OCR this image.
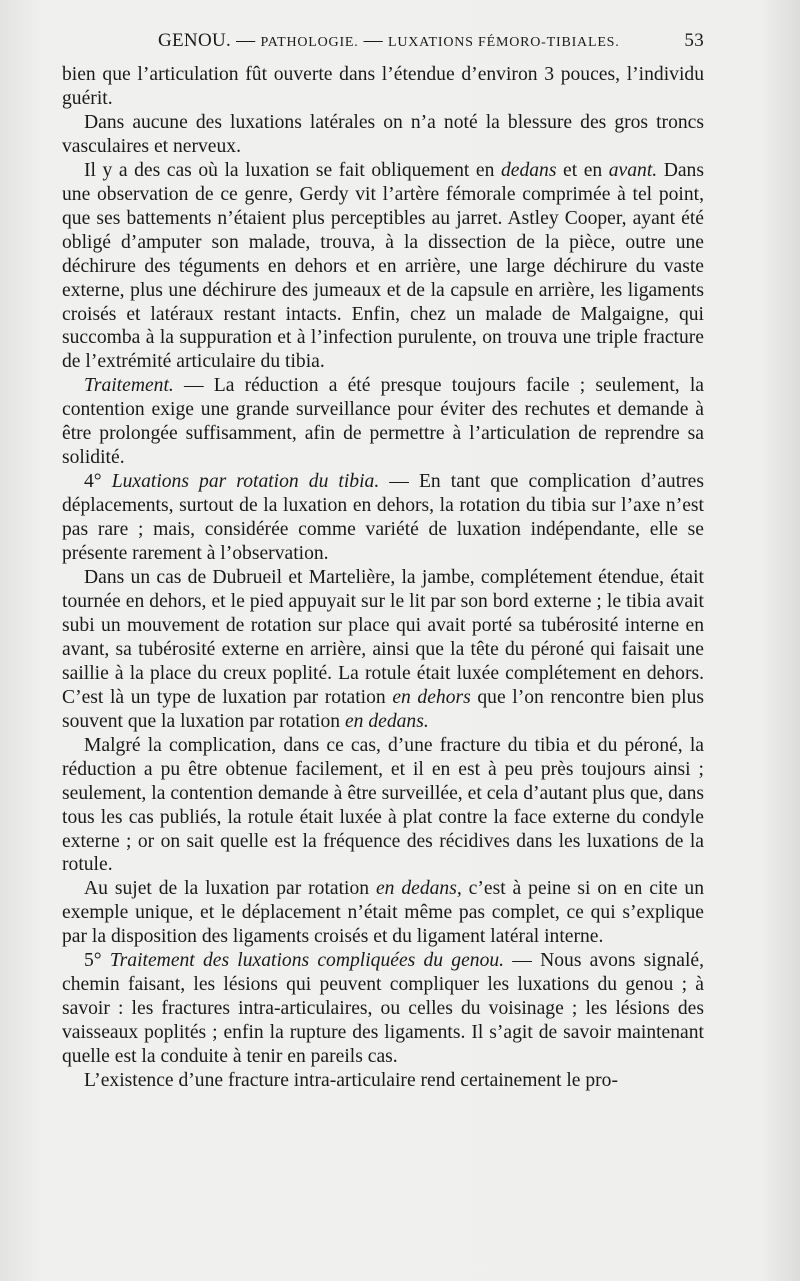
GENOU. — PATHOLOGIE. — LUXATIONS FÉMORO-TIBIALES.	53

bien que l’articulation fût ouverte dans l’étendue d’environ 3 pouces, l’individu guérit.

Dans aucune des luxations latérales on n’a noté la blessure des gros troncs vasculaires et nerveux.

Il y a des cas où la luxation se fait obliquement en dedans et en avant. Dans une observation de ce genre, Gerdy vit l’artère fémorale comprimée à tel point, que ses battements n’étaient plus perceptibles au jarret. Astley Cooper, ayant été obligé d’amputer son malade, trouva, à la dissection de la pièce, outre une déchirure des téguments en dehors et en arrière, une large déchirure du vaste externe, plus une déchirure des jumeaux et de la capsule en arrière, les ligaments croisés et latéraux restant intacts. Enfin, chez un malade de Malgaigne, qui succomba à la suppuration et à l’infection purulente, on trouva une triple fracture de l’extrémité articulaire du tibia.

Traitement. — La réduction a été presque toujours facile ; seulement, la contention exige une grande surveillance pour éviter des rechutes et demande à être prolongée suffisamment, afin de permettre à l’articulation de reprendre sa solidité.

4° Luxations par rotation du tibia. — En tant que complication d’autres déplacements, surtout de la luxation en dehors, la rotation du tibia sur l’axe n’est pas rare ; mais, considérée comme variété de luxation indépendante, elle se présente rarement à l’observation.

Dans un cas de Dubrueil et Martelière, la jambe, complétement étendue, était tournée en dehors, et le pied appuyait sur le lit par son bord externe ; le tibia avait subi un mouvement de rotation sur place qui avait porté sa tubérosité interne en avant, sa tubérosité externe en arrière, ainsi que la tête du péroné qui faisait une saillie à la place du creux poplité. La rotule était luxée complétement en dehors. C’est là un type de luxation par rotation en dehors que l’on rencontre bien plus souvent que la luxation par rotation en dedans.

Malgré la complication, dans ce cas, d’une fracture du tibia et du péroné, la réduction a pu être obtenue facilement, et il en est à peu près toujours ainsi ; seulement, la contention demande à être surveillée, et cela d’autant plus que, dans tous les cas publiés, la rotule était luxée à plat contre la face externe du condyle externe ; or on sait quelle est la fréquence des récidives dans les luxations de la rotule.

Au sujet de la luxation par rotation en dedans, c’est à peine si on en cite un exemple unique, et le déplacement n’était même pas complet, ce qui s’explique par la disposition des ligaments croisés et du ligament latéral interne.

5° Traitement des luxations compliquées du genou. — Nous avons signalé, chemin faisant, les lésions qui peuvent compliquer les luxations du genou ; à savoir : les fractures intra-articulaires, ou celles du voisinage ; les lésions des vaisseaux poplités ; enfin la rupture des ligaments. Il s’agit de savoir maintenant quelle est la conduite à tenir en pareils cas.

L’existence d’une fracture intra-articulaire rend certainement le pro-
